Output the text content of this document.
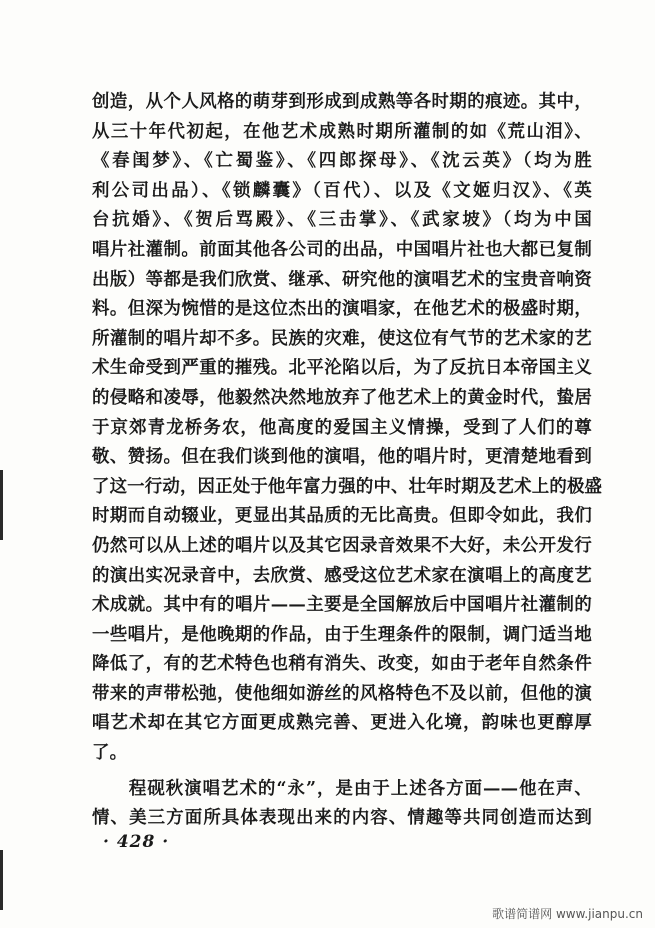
创造，从个人风格的萌芽到形成到成熟等各时期的痕迹。其中，
从三十年代初起，在他艺术成熟时期所灌制的如《荒山泪》、
《春闺梦》、《亡蜀鉴》、《四郎探母》、《沈云英》（均为胜
利公司出品）、《锁麟囊》（百代）、以及《文姬归汉》、《英
台抗婚》、《贺后骂殿》、《三击掌》、《武家坡》（均为中国
唱片社灌制。前面其他各公司的出品，中国唱片社也大都已复制
出版）等都是我们欣赏、继承、研究他的演唱艺术的宝贵音响资
料。但深为惋惜的是这位杰出的演唱家，在他艺术的极盛时期，
所灌制的唱片却不多。民族的灾难，使这位有气节的艺术家的艺
术生命受到严重的摧残。北平沦陷以后，为了反抗日本帝国主义
的侵略和凌辱，他毅然决然地放弃了他艺术上的黄金时代，蛰居
于京郊青龙桥务农，他高度的爱国主义情操，受到了人们的尊
敬、赞扬。但在我们谈到他的演唱，他的唱片时，更清楚地看到
了这一行动，因正处于他年富力强的中、壮年时期及艺术上的极盛
时期而自动辍业，更显出其品质的无比高贵。但即令如此，我们
仍然可以从上述的唱片以及其它因录音效果不大好，未公开发行
的演出实况录音中，去欣赏、感受这位艺术家在演唱上的高度艺
术成就。其中有的唱片——主要是全国解放后中国唱片社灌制的
一些唱片，是他晚期的作品，由于生理条件的限制，调门适当地
降低了，有的艺术特色也稍有消失、改变，如由于老年自然条件
带来的声带松弛，使他细如游丝的风格特色不及以前，但他的演
唱艺术却在其它方面更成熟完善、更进入化境，韵味也更醇厚
了。
　　程砚秋演唱艺术的“永”，是由于上述各方面——他在声、
情、美三方面所具体表现出来的内容、情趣等共同创造而达到
· 428 ·
歌谱简谱网 www.jianpu.cn
